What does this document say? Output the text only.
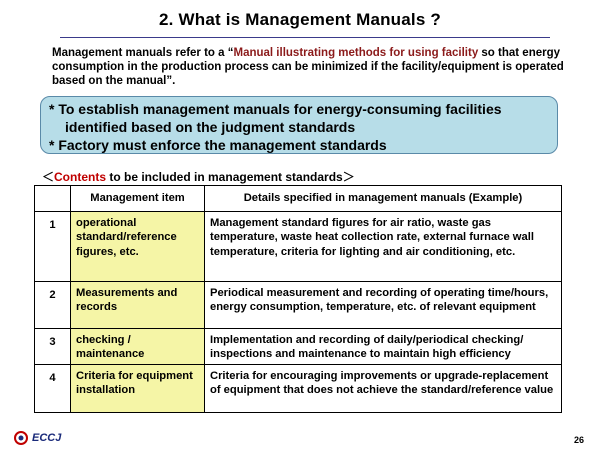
2. What is Management Manuals ?
Management manuals refer to a “Manual illustrating methods for using facility so that energy consumption in the production process can be minimized if the facility/equipment is operated based on the manual”.
* To establish management manuals for energy-consuming facilities
identified based on the judgment standards
* Factory must enforce the management standards
＜Contents to be included in management standards＞
	Management item	Details specified in management manuals (Example)
1	operational standard/reference figures, etc.	Management standard figures for air ratio, waste gas temperature, waste heat collection rate, external furnace wall temperature, criteria for lighting and air conditioning, etc.
2	Measurements and records	Periodical measurement and recording of operating time/hours, energy consumption, temperature, etc. of relevant equipment
3	checking / maintenance	Implementation and recording of daily/periodical checking/ inspections and maintenance to maintain high efficiency
4	Criteria for equipment installation	Criteria for encouraging improvements or upgrade-replacement of equipment that does not achieve the standard/reference value
ECCJ	26
